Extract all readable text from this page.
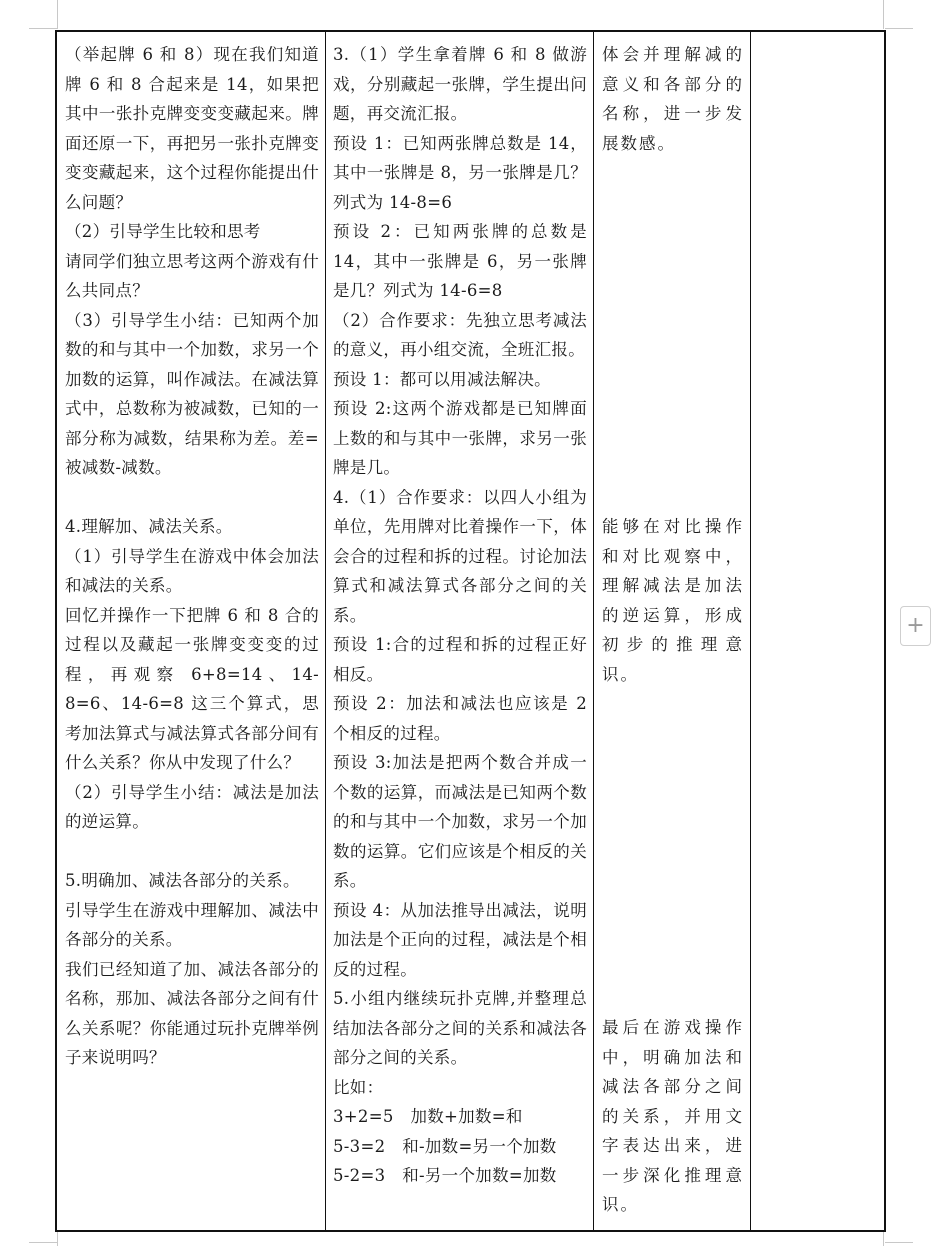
（举起牌 6 和 8）现在我们知道牌 6 和 8 合起来是 14，如果把其中一张扑克牌变变变藏起来。牌面还原一下，再把另一张扑克牌变变变藏起来，这个过程你能提出什么问题？

（2）引导学生比较和思考

请同学们独立思考这两个游戏有什么共同点？

（3）引导学生小结：已知两个加数的和与其中一个加数，求另一个加数的运算，叫作减法。在减法算式中，总数称为被减数，已知的一部分称为减数，结果称为差。差=被减数-减数。

4.理解加、减法关系。

（1）引导学生在游戏中体会加法和减法的关系。

回忆并操作一下把牌 6 和 8 合的过程以及藏起一张牌变变变的过程，再观察 6+8=14、14-8=6、14-6=8 这三个算式，思考加法算式与减法算式各部分间有什么关系？你从中发现了什么？

（2）引导学生小结：减法是加法的逆运算。

5.明确加、减法各部分的关系。

引导学生在游戏中理解加、减法中各部分的关系。

我们已经知道了加、减法各部分的名称，那加、减法各部分之间有什么关系呢？你能通过玩扑克牌举例子来说明吗？

3.（1）学生拿着牌 6 和 8 做游戏，分别藏起一张牌，学生提出问题，再交流汇报。

预设 1：已知两张牌总数是 14，其中一张牌是 8，另一张牌是几？列式为 14-8=6

预设 2：已知两张牌的总数是 14，其中一张牌是 6，另一张牌是几？列式为 14-6=8

（2）合作要求：先独立思考减法的意义，再小组交流，全班汇报。

预设 1：都可以用减法解决。

预设 2:这两个游戏都是已知牌面上数的和与其中一张牌，求另一张牌是几。

4.（1）合作要求：以四人小组为单位，先用牌对比着操作一下，体会合的过程和拆的过程。讨论加法算式和减法算式各部分之间的关系。

预设 1:合的过程和拆的过程正好相反。

预设 2：加法和减法也应该是 2 个相反的过程。

预设 3:加法是把两个数合并成一个数的运算，而减法是已知两个数的和与其中一个加数，求另一个加数的运算。它们应该是个相反的关系。

预设 4：从加法推导出减法，说明加法是个正向的过程，减法是个相反的过程。

5.小组内继续玩扑克牌,并整理总结加法各部分之间的关系和减法各部分之间的关系。

比如：

3+2=5　加数+加数=和

5-3=2　和-加数=另一个加数

5-2=3　和-另一个加数=加数

体会并理解减的意义和各部分的名称，进一步发展数感。

能够在对比操作和对比观察中，理解减法是加法的逆运算，形成初步的推理意识。

最后在游戏操作中，明确加法和减法各部分之间的关系，并用文字表达出来，进一步深化推理意识。

+
